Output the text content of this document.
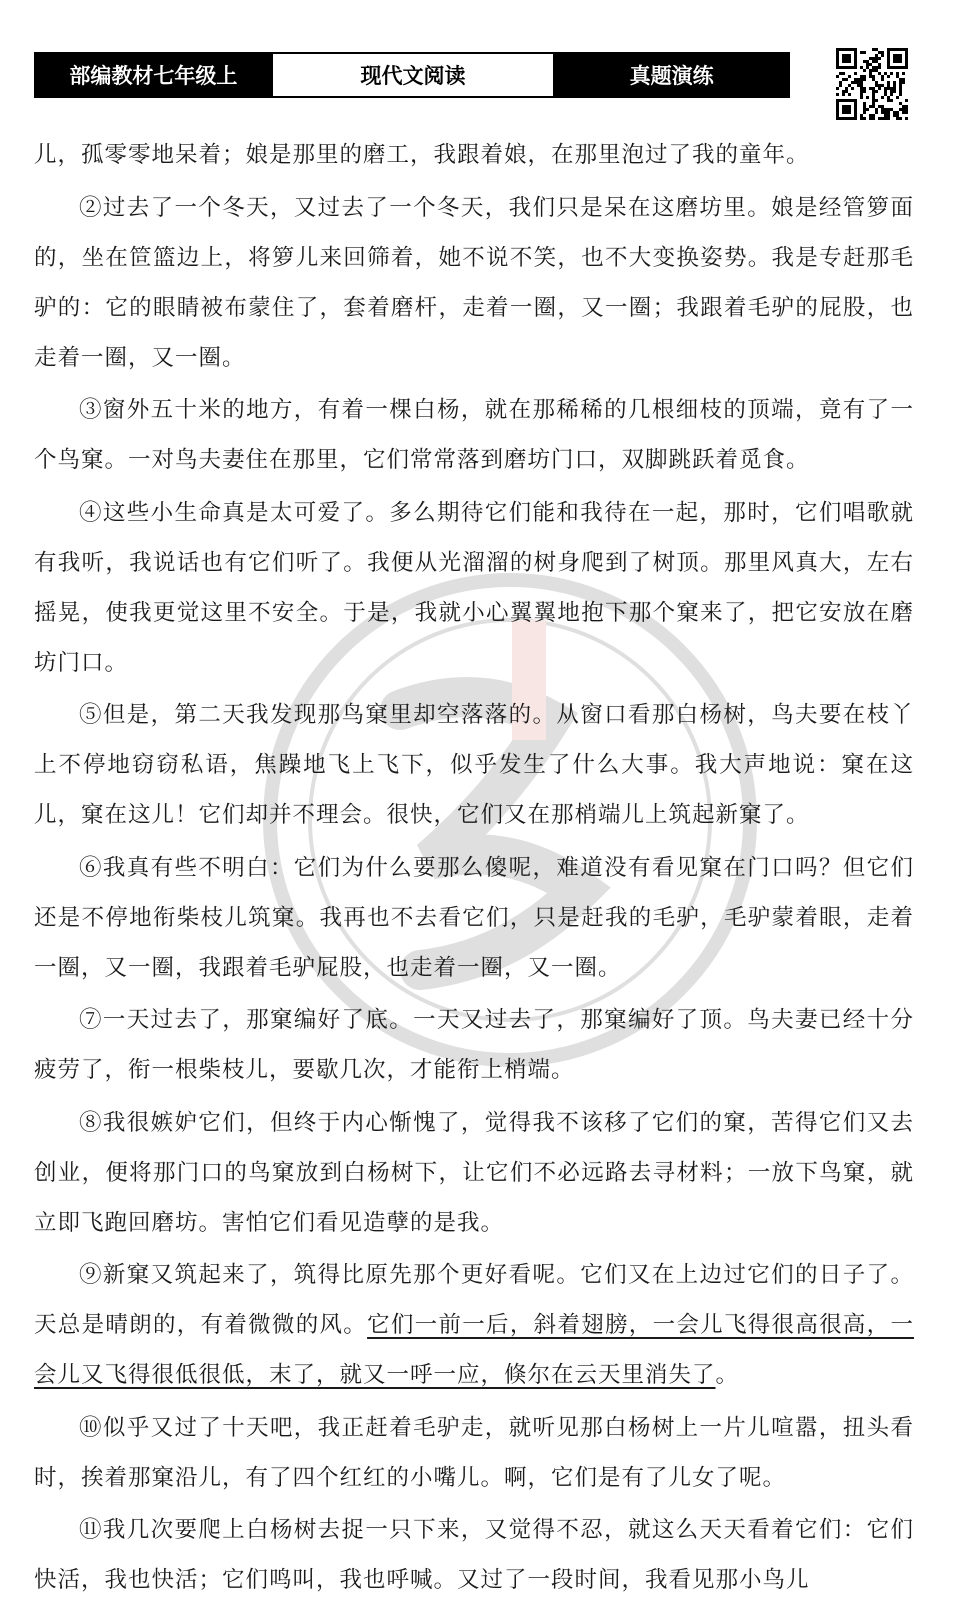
部编教材七年级上	现代文阅读	真题演练

儿，孤零零地呆着；娘是那里的磨工，我跟着娘，在那里泡过了我的童年。

②过去了一个冬天，又过去了一个冬天，我们只是呆在这磨坊里。娘是经管箩面的，坐在笸篮边上，将箩儿来回筛着，她不说不笑，也不大变换姿势。我是专赶那毛驴的：它的眼睛被布蒙住了，套着磨杆，走着一圈，又一圈；我跟着毛驴的屁股，也走着一圈，又一圈。

③窗外五十米的地方，有着一棵白杨，就在那稀稀的几根细枝的顶端，竟有了一个鸟窠。一对鸟夫妻住在那里，它们常常落到磨坊门口，双脚跳跃着觅食。

④这些小生命真是太可爱了。多么期待它们能和我待在一起，那时，它们唱歌就有我听，我说话也有它们听了。我便从光溜溜的树身爬到了树顶。那里风真大，左右摇晃，使我更觉这里不安全。于是，我就小心翼翼地抱下那个窠来了，把它安放在磨坊门口。

⑤但是，第二天我发现那鸟窠里却空落落的。从窗口看那白杨树，鸟夫要在枝丫上不停地窃窃私语，焦躁地飞上飞下，似乎发生了什么大事。我大声地说：窠在这儿，窠在这儿！它们却并不理会。很快，它们又在那梢端儿上筑起新窠了。

⑥我真有些不明白：它们为什么要那么傻呢，难道没有看见窠在门口吗？但它们还是不停地衔柴枝儿筑窠。我再也不去看它们，只是赶我的毛驴，毛驴蒙着眼，走着一圈，又一圈，我跟着毛驴屁股，也走着一圈，又一圈。

⑦一天过去了，那窠编好了底。一天又过去了，那窠编好了顶。鸟夫妻已经十分疲劳了，衔一根柴枝儿，要歇几次，才能衔上梢端。

⑧我很嫉妒它们，但终于内心惭愧了，觉得我不该移了它们的窠，苦得它们又去创业，便将那门口的鸟窠放到白杨树下，让它们不必远路去寻材料；一放下鸟窠，就立即飞跑回磨坊。害怕它们看见造孽的是我。

⑨新窠又筑起来了，筑得比原先那个更好看呢。它们又在上边过它们的日子了。天总是晴朗的，有着微微的风。它们一前一后，斜着翅膀，一会儿飞得很高很高，一会儿又飞得很低很低，末了，就又一呼一应，倏尔在云天里消失了。

⑩似乎又过了十天吧，我正赶着毛驴走，就听见那白杨树上一片儿喧嚣，扭头看时，挨着那窠沿儿，有了四个红红的小嘴儿。啊，它们是有了儿女了呢。

⑪我几次要爬上白杨树去捉一只下来，又觉得不忍，就这么天天看着它们：它们快活，我也快活；它们鸣叫，我也呼喊。又过了一段时间，我看见那小鸟儿
